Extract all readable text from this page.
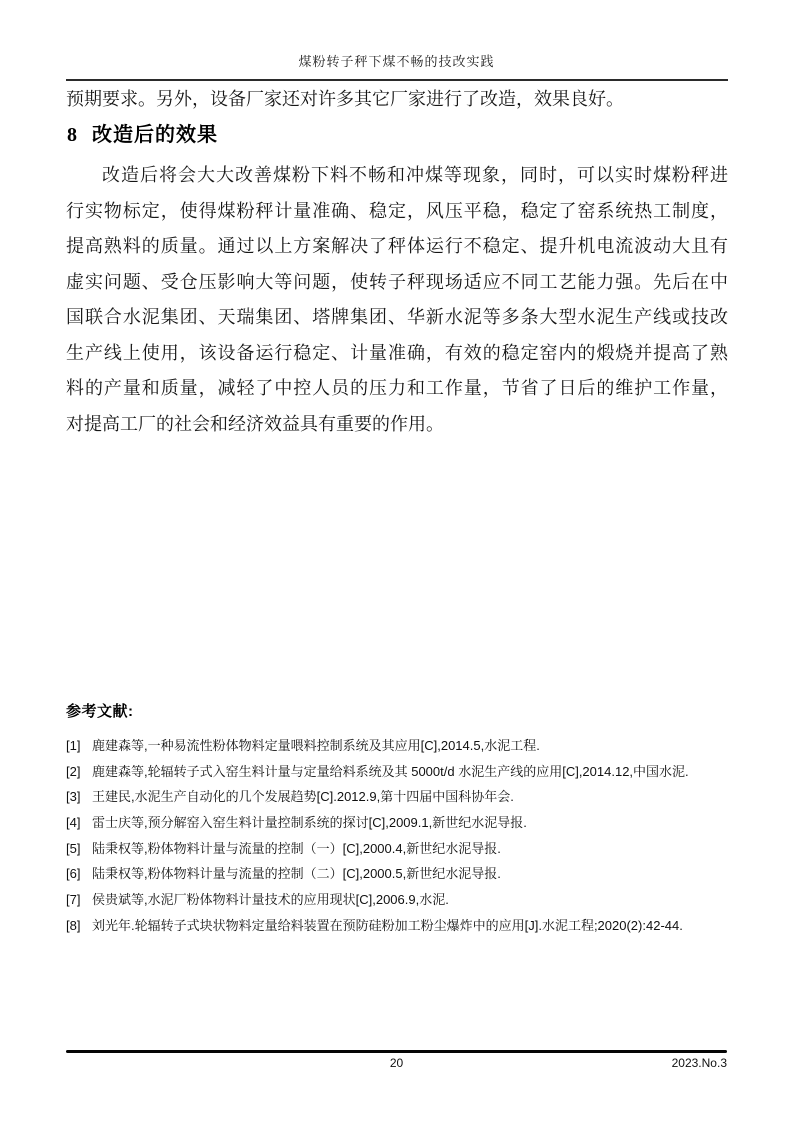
煤粉转子秤下煤不畅的技改实践
预期要求。另外，设备厂家还对许多其它厂家进行了改造，效果良好。
8 改造后的效果
改造后将会大大改善煤粉下料不畅和冲煤等现象，同时，可以实时煤粉秤进
行实物标定，使得煤粉秤计量准确、稳定，风压平稳，稳定了窑系统热工制度，
提高熟料的质量。通过以上方案解决了秤体运行不稳定、提升机电流波动大且有
虚实问题、受仓压影响大等问题，使转子秤现场适应不同工艺能力强。先后在中
国联合水泥集团、天瑞集团、塔牌集团、华新水泥等多条大型水泥生产线或技改
生产线上使用，该设备运行稳定、计量准确，有效的稳定窑内的煅烧并提高了熟
料的产量和质量，减轻了中控人员的压力和工作量，节省了日后的维护工作量，
对提高工厂的社会和经济效益具有重要的作用。
参考文献:
[1] 鹿建森等,一种易流性粉体物料定量喂料控制系统及其应用[C],2014.5,水泥工程.
[2] 鹿建森等,轮辐转子式入窑生料计量与定量给料系统及其 5000t/d 水泥生产线的应用[C],2014.12,中国水泥.
[3] 王建民,水泥生产自动化的几个发展趋势[C].2012.9,第十四届中国科协年会.
[4] 雷士庆等,预分解窑入窑生料计量控制系统的探讨[C],2009.1,新世纪水泥导报.
[5] 陆秉权等,粉体物料计量与流量的控制（一）[C],2000.4,新世纪水泥导报.
[6] 陆秉权等,粉体物料计量与流量的控制（二）[C],2000.5,新世纪水泥导报.
[7] 侯贵斌等,水泥厂粉体物料计量技术的应用现状[C],2006.9,水泥.
[8] 刘光年.轮辐转子式块状物料定量给料装置在预防硅粉加工粉尘爆炸中的应用[J].水泥工程;2020(2):42-44.
20	2023.No.3
